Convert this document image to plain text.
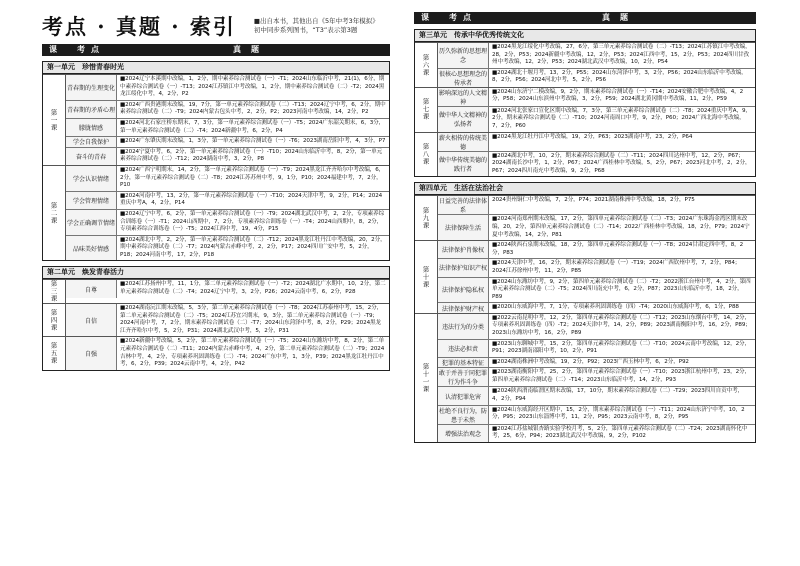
考点 · 真题 · 索引	■出自本书，其他出自《5年中考3年模拟》
初中同步系列图书，“T3”表示第3题
课　考点	真题
第一单元　珍惜青春时光
第一课
青春期的生理变化
■2024辽宁本溪期中改编，1，2分，期中素养综合测试卷（一）-T1；2024山东临沂中考，21(1)，6分，期中素养综合测试卷（一）-T13；2024江苏镇江中考改编，1，2分，期中素养综合测试卷（二）-T2；2024黑龙江绥化中考，4，2分，P2
青春期的矛盾心理
■2024广西贵港期末改编，19，7分，第一单元素养综合测试卷（二）-T13；2024辽宁中考，6，2分，期中素养综合测试卷（二）-T9；2024内蒙古包头中考，2，2分，P2；2023河南中考改编，14，2分，P2
朦胧情感
■2024河北石家庄桥东期末，7，3分，第一单元素养综合测试卷（一）-T5；2024广东韶关期末，6，3分，第一单元素养综合测试卷（二）-T4；2024新疆中考，6，2分，P4
学会自我保护	■2024广东肇庆期末改编，1，3分，第一单元素养综合测试卷（一）-T6；2023湖南岳阳中考，4，3分，P7
奋斗的青春
■2024宁夏中考，6，2分，第一单元素养综合测试卷（一）-T10；2024山东临沂中考，8，2分，第一单元素养综合测试卷（二）-T12；2024湖南中考，3，2分，P8
第二课
学会认识情绪
■2024广西宁明期末，14，2分，第一单元素养综合测试卷（一）-T9；2024黑龙江齐齐哈尔中考改编，6，2分，第一单元素养综合测试卷（二）-T8；2024江苏苏州中考，9，1分，P10；2024福建中考，7，2分，P10
学会管理情绪
■2024河南中考，13，2分，第一单元素养综合测试卷（一）-T10；2024天津中考，9，2分，P14；2024重庆中考A，4，2分，P14
学会正确调节情绪
■2024辽宁中考，6，2分，第一单元素养综合测试卷（一）-T9；2024湖北武汉中考，2，2分，专项素养综合训练卷（一）-T1；2024山西期中，7，2分，专项素养综合训练卷（一）-T4；2024山西期中，8，2分，专项素养综合训练卷（一）-T5；2024江西中考，19，4分，P15
品味美好情感
■2024湖北中考，2，2分，第一单元素养综合测试卷（二）-T12；2024黑龙江牡丹江中考改编，20，2分，期中素养综合测试卷（二）-T7；2024内蒙古赤峰中考，2，2分，P17；2024四川广安中考，5，2分，P18；2024河南中考，17，2分，P18
第二单元　焕发青春活力
第三课	自尊
■2024江苏扬州中考，11，1分，第二单元素养综合测试卷（一）-T2；2024湖北广水期中，10，2分，第二单元素养综合测试卷（二）-T4；2024辽宁中考，3，2分，P26；2024云南中考，6，2分，P28
第四课	自信
■2024湖南沅江期末改编，5，3分，第二单元素养综合测试卷（一）-T8；2024江苏泰州中考，15，2分，第二单元素养综合测试卷（二）-T5；2024江苏宜兴期末，9，3分，第二单元素养综合测试卷（一）-T9；2024河南中考，7，2分，期末素养综合测试卷（二）-T7；2024山东菏泽中考，8，2分，P29；2024黑龙江齐齐哈尔中考，5，2分，P31；2024湖北武汉中考，5，2分，P31
第五课	自强
■2024新疆中考改编，5，2分，第二单元素养综合测试卷（一）-T5；2024山东潍坊中考，8，2分，第二单元素养综合测试卷（二）-T11；2024内蒙古赤峰中考，4，2分，第二单元素养综合测试卷（二）-T9；2024吉林中考，4，2分，专项素养巩固训练卷（二）-T4；2024广东中考，1，3分，P39；2024黑龙江牡丹江中考，6，2分，P39；2024云南中考，4，2分，P42
课　考点	真题
第三单元　传承中华优秀传统文化
第六课
历久弥新的思想理念
■2024黑龙江绥化中考改编，27，6分，第三单元素养综合测试卷（二）-T13；2024江苏镇江中考改编，28，2分，P53；2024新疆中考改编，12，2分，P53；2024江西中考，15，2分，P53；2024四川甘孜州中考改编，12，2分，P53；2024湖北武汉中考改编，10，2分，P54
很核心思想理念的传承者
■2024湖北十堰月考，13，2分，P55；2024山东菏泽中考，3，2分，P56；2024山东临沂中考改编，8，2分，P56；2024河北中考，5，2分，P56
第七课
影响深远的人文精神
■2024山东济宁二模改编，9，2分，期末素养综合测试卷（一）-T14；2024安徽合肥中考改编，4，2分，P58；2024山东滨州中考改编，3，2分，P59；2024湖北黄冈期中考改编，11，2分，P59
做中华人文精神的弘扬者
■2024河北张家口宣化区期中改编，7，3分，第三单元素养综合测试卷（二）-T8；2024重庆中考A，9，2分，期末素养综合测试卷（二）-T10；2024河南周口中考，9，2分，P60；2024广西北海中考改编，7，2分，P60
第八课
薪火相传的传统美德
■2024黑龙江牡丹江中考改编，19，2分，P63；2023湖南中考，23，2分，P64
做中华传统美德的践行者
■2024湖北中考，10，2分，期末素养综合测试卷（二）-T11；2024四川达州中考，12，2分，P67；2024湖南长沙中考，1，2分，P67；2024广西桂林中考改编，5，2分，P67；2023河北中考，2，2分，P67；2024四川南充中考改编，9，2分，P68
第四单元　生活在法治社会
第九课
日益完善的法律体系
2024贵州铜仁中考改编，7，2分，P74；2021湖南株洲中考改编，18，2分，P75
法律保障生活
■2024河南郑州期末改编，17，2分，第四单元素养综合测试卷（二）-T3；2024广东珠海金湾区期末改编，20，2分，第四单元素养综合测试卷（二）-T14；2022广西桂林中考改编，18，2分，P79；2024宁夏中考改编，14，2分，P81
第十课
法律保护肖像权
■2024陕西石泉期末改编，18，2分，第四单元素养综合测试卷（一）-T8；2024甘肃定西中考，8，2分，P83
法律保护知识产权
■2024天津中考，16，2分，期末素养综合测试卷（一）-T19；2024广西钦州中考，7，2分，P84；2024江苏徐州中考，11，2分，P85
法律保护隐私权
■2024山东潍坊中考，9，2分，第四单元素养综合测试卷（二）-T2；2022浙江台州中考，4，2分，第四单元素养综合测试卷（二）-T5；2024四川南充中考，6，2分，P87；2023山东临沂中考，18，2分，P89
法律保护财产权	■2020山东威海中考，7，1分，专项素养巩固训练卷（四）-T4；2020山东威海中考，6，1分，P88
第十一课
违法行为的分类
■2022云南昆明中考，12，2分，第四单元素养综合测试卷（二）-T12；2023山东烟台中考，14，2分，专项素养巩固训练卷（四）-T2；2024天津中考，14，2分，P89；2023湖南衡阳中考，16，2分，P89；2023山东潍坊中考，16，2分，P89
违法必担责
■2023山东聊城中考，15，2分，第四单元素养综合测试卷（二）-T10；2024云南中考改编，12，2分，P91；2023湖南邵阳中考，10，2分，P91
犯罪的基本特征	■2024湖南株洲中考改编，19，2分，P92；2023广西玉林中考，6，2分，P92
敢于并善于同犯罪行为作斗争
■2023湖南衡阳中考，25，2分，第四单元素养综合测试卷（一）-T10；2023浙江杭州中考，23，2分，第四单元素养综合测试卷（二）-T14；2023山东临沂中考，14，2分，P93
认清犯罪危害
■2024陕西渭南临渭区期末改编，17，10分，期末素养综合测试卷（二）-T29；2023四川自贡中考，4，2分，P94
杜绝不良行为，防患于未然
■2024山东威海经开区期中，15，2分，期末素养综合测试卷（一）-T11；2024山东济宁中考，10，2分，P95；2023山东淄博中考，11，2分，P95；2023云南中考，8，2分，P95
增强法治观念
■2024江苏盐城银杏路实验学校月考，5，2分，第四单元素养综合测试卷（二）-T24；2023湖南怀化中考，25，6分，P94；2023湖北武汉中考改编，9，2分，P102
